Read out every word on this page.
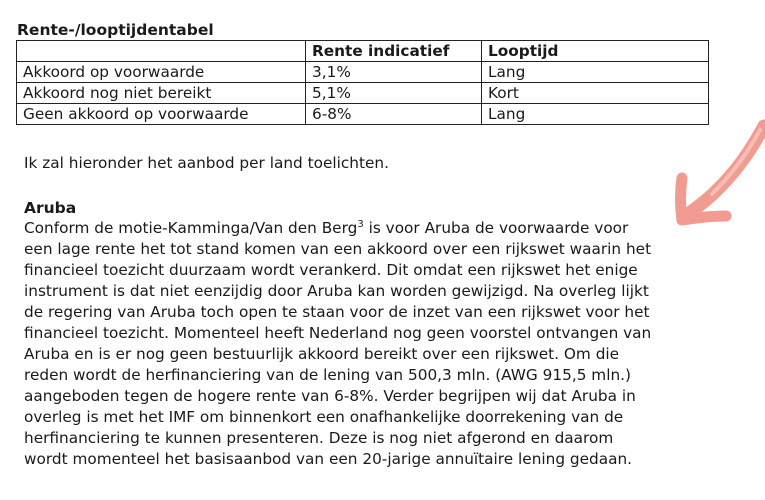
Rente-/looptijdentabel
	Rente indicatief	Looptijd
Akkoord op voorwaarde	3,1%	Lang
Akkoord nog niet bereikt	5,1%	Kort
Geen akkoord op voorwaarde	6-8%	Lang

Ik zal hieronder het aanbod per land toelichten.

Aruba

Conform de motie-Kamminga/Van den Berg$^3$ is voor Aruba de voorwaarde voor
een lage rente het tot stand komen van een akkoord over een rijkswet waarin het
financieel toezicht duurzaam wordt verankerd. Dit omdat een rijkswet het enige
instrument is dat niet eenzijdig door Aruba kan worden gewijzigd. Na overleg lijkt
de regering van Aruba toch open te staan voor de inzet van een rijkswet voor het
financieel toezicht. Momenteel heeft Nederland nog geen voorstel ontvangen van
Aruba en is er nog geen bestuurlijk akkoord bereikt over een rijkswet. Om die
reden wordt de herfinanciering van de lening van 500,3 mln. (AWG 915,5 mln.)
aangeboden tegen de hogere rente van 6-8%. Verder begrijpen wij dat Aruba in
overleg is met het IMF om binnenkort een onafhankelijke doorrekening van de
herfinanciering te kunnen presenteren. Deze is nog niet afgerond en daarom
wordt momenteel het basisaanbod van een 20-jarige annuïtaire lening gedaan.
